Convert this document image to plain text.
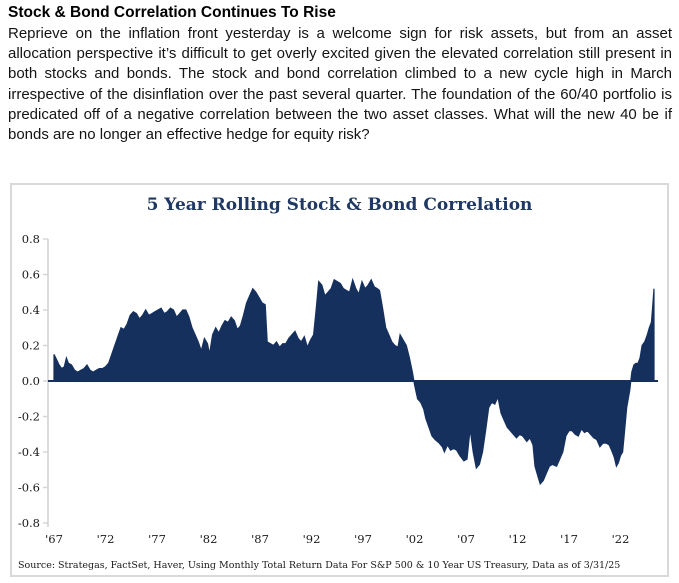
Stock & Bond Correlation Continues To Rise

Reprieve on the inflation front yesterday is a welcome sign for risk assets, but from an asset allocation perspective it’s difficult to get overly excited given the elevated correlation still present in both stocks and bonds. The stock and bond correlation climbed to a new cycle high in March irrespective of the disinflation over the past several quarter. The foundation of the 60/40 portfolio is predicated off of a negative correlation between the two asset classes. What will the new 40 be if bonds are no longer an effective hedge for equity risk?

5 Year Rolling Stock & Bond Correlation
0.8
0.6
0.4
0.2
0.0
-0.2
-0.4
-0.6
-0.8
'67	'72	'77	'82	'87	'92	'97	'02	'07	'12	'17	'22
Source: Strategas, FactSet, Haver, Using Monthly Total Return Data For S&P 500 & 10 Year US Treasury, Data as of 3/31/25
